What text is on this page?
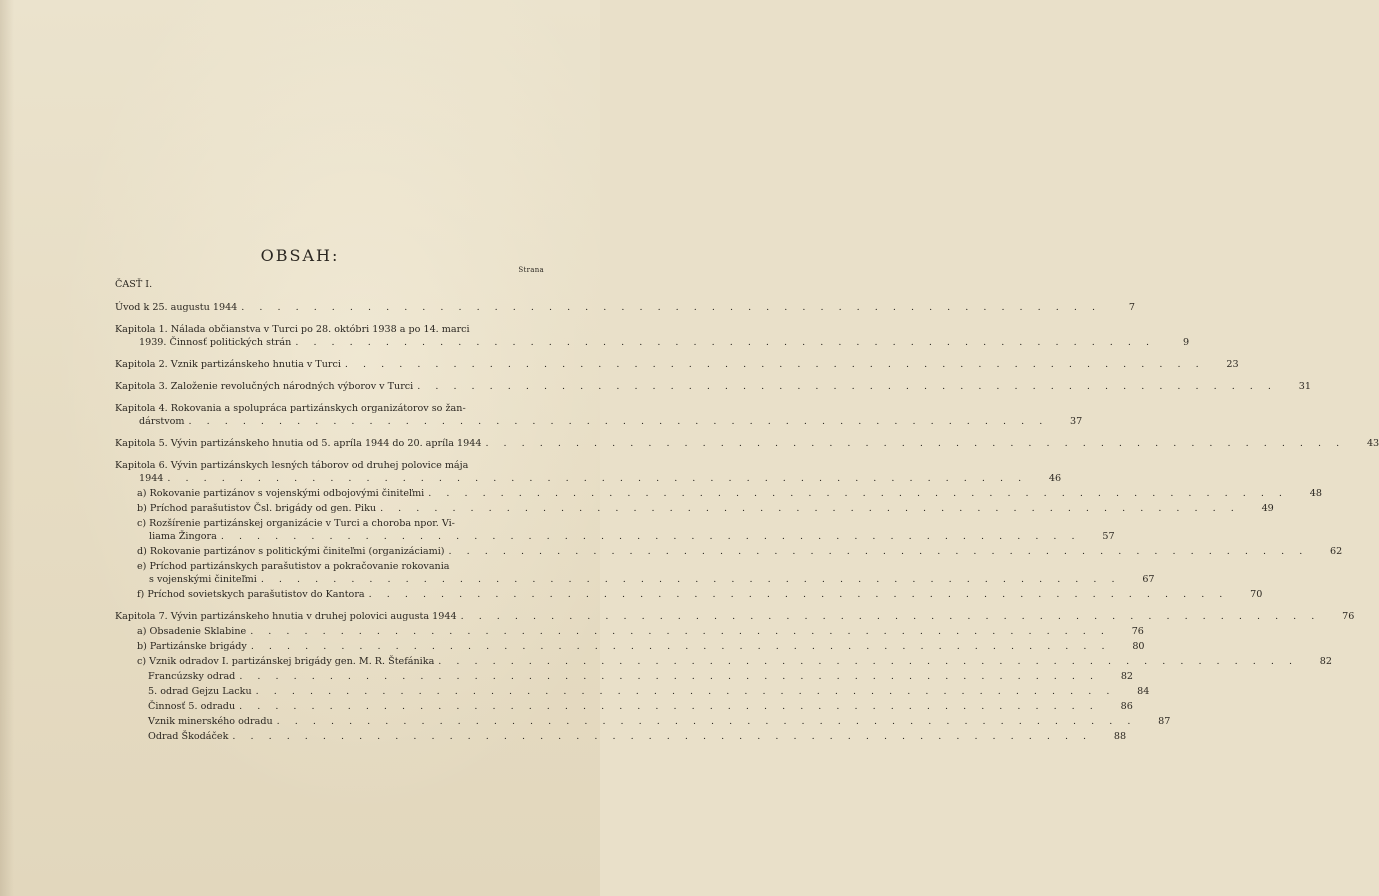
OBSAH:
Strana
ČASŤ I.
Úvod k 25. augustu 1944 . . .	7
Kapitola 1. Nálada občianstva v Turci po 28. októbri 1938 a po 14. marci
1939. Činnosť politických strán . . .	9
Kapitola 2. Vznik partizánskeho hnutia v Turci . . .	23
Kapitola 3. Založenie revolučných národných výborov v Turci . . .	31
Kapitola 4. Rokovania a spolupráca partizánskych organizátorov so žan-
dárstvom . . .	37
Kapitola 5. Vývin partizánskeho hnutia od 5. apríla 1944 do 20. apríla 1944 . . .	43
Kapitola 6. Vývin partizánskych lesných táborov od druhej polovice mája
1944 . . .	46
a) Rokovanie partizánov s vojenskými odbojovými činiteľmi . . .	48
b) Príchod parašutistov Čsl. brigády od gen. Piku . . .	49
c) Rozšírenie partizánskej organizácie v Turci a choroba npor. Vi-
liama Žingora . . .	57
d) Rokovanie partizánov s politickými činiteľmi (organizáciami) . . .	62
e) Príchod partizánskych parašutistov a pokračovanie rokovania
s vojenskými činiteľmi . . .	67
f) Príchod sovietskych parašutistov do Kantora . . .	70
Kapitola 7. Vývin partizánskeho hnutia v druhej polovici augusta 1944 . . .	76
a) Obsadenie Sklabine . . .	76
b) Partizánske brigády . . .	80
c) Vznik odradov I. partizánskej brigády gen. M. R. Štefánika . . .	82
Francúzsky odrad . . .	82
5. odrad Gejzu Lacku . . .	84
Činnosť 5. odradu . . .	86
Vznik minerského odradu . . .	87
Odrad Škodáček . . .	88
